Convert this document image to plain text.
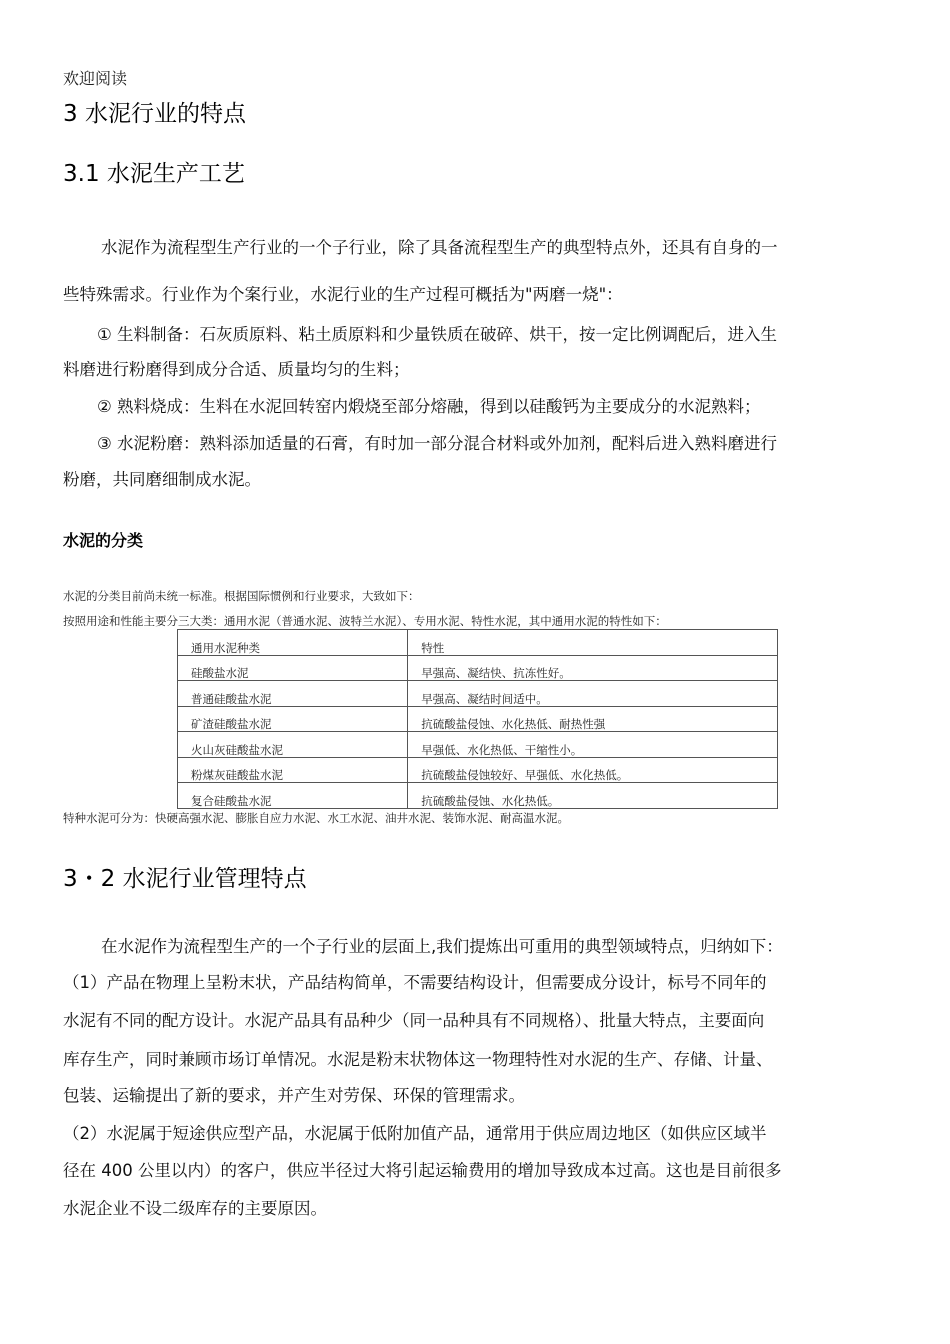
欢迎阅读
3 水泥行业的特点
3.1 水泥生产工艺
水泥作为流程型生产行业的一个子行业，除了具备流程型生产的典型特点外，还具有自身的一
些特殊需求。行业作为个案行业，水泥行业的生产过程可概括为"两磨一烧"：
① 生料制备：石灰质原料、粘土质原料和少量铁质在破碎、烘干，按一定比例调配后，进入生
料磨进行粉磨得到成分合适、质量均匀的生料；
② 熟料烧成：生料在水泥回转窑内煅烧至部分熔融，得到以硅酸钙为主要成分的水泥熟料；
③ 水泥粉磨：熟料添加适量的石膏，有时加一部分混合材料或外加剂，配料后进入熟料磨进行
粉磨，共同磨细制成水泥。
水泥的分类
水泥的分类目前尚未统一标准。根据国际惯例和行业要求，大致如下：
按照用途和性能主要分三大类：通用水泥（普通水泥、波特兰水泥）、专用水泥、特性水泥，其中通用水泥的特性如下：
通用水泥种类	特性
硅酸盐水泥	早强高、凝结快、抗冻性好。
普通硅酸盐水泥	早强高、凝结时间适中。
矿渣硅酸盐水泥	抗硫酸盐侵蚀、水化热低、耐热性强
火山灰硅酸盐水泥	早强低、水化热低、干缩性小。
粉煤灰硅酸盐水泥	抗硫酸盐侵蚀较好、早强低、水化热低。
复合硅酸盐水泥	抗硫酸盐侵蚀、水化热低。
特种水泥可分为：快硬高强水泥、膨胀自应力水泥、水工水泥、油井水泥、装饰水泥、耐高温水泥。
3・2 水泥行业管理特点
在水泥作为流程型生产的一个子行业的层面上,我们提炼出可重用的典型领域特点，归纳如下：
（1）产品在物理上呈粉末状，产品结构简单，不需要结构设计，但需要成分设计，标号不同年的
水泥有不同的配方设计。水泥产品具有品种少（同一品种具有不同规格）、批量大特点，主要面向
库存生产，同时兼顾市场订单情况。水泥是粉末状物体这一物理特性对水泥的生产、存储、计量、
包装、运输提出了新的要求，并产生对劳保、环保的管理需求。
（2）水泥属于短途供应型产品，水泥属于低附加值产品，通常用于供应周边地区（如供应区域半
径在 400 公里以内）的客户，供应半径过大将引起运输费用的增加导致成本过高。这也是目前很多
水泥企业不设二级库存的主要原因。
